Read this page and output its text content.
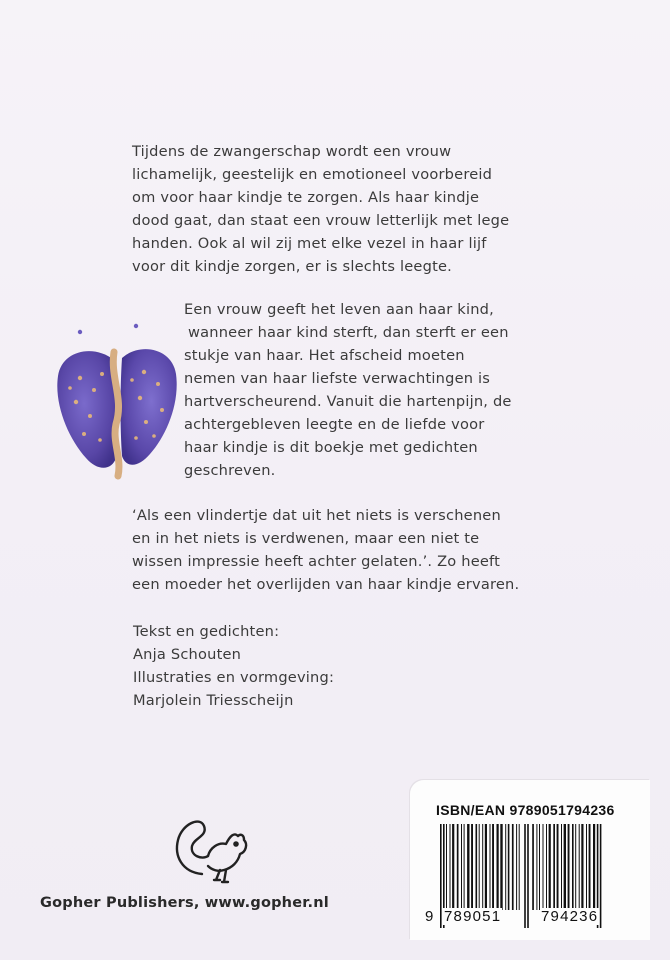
Tijdens de zwangerschap wordt een vrouw
lichamelijk, geestelijk en emotioneel voorbereid
om voor haar kindje te zorgen. Als haar kindje
dood gaat, dan staat een vrouw letterlijk met lege
handen. Ook al wil zij met elke vezel in haar lijf
voor dit kindje zorgen, er is slechts leegte.
Een vrouw geeft het leven aan haar kind,
wanneer haar kind sterft, dan sterft er een
stukje van haar. Het afscheid moeten
nemen van haar liefste verwachtingen is
hartverscheurend. Vanuit die hartenpijn, de
achtergebleven leegte en de liefde voor
haar kindje is dit boekje met gedichten
geschreven.
‘Als een vlindertje dat uit het niets is verschenen
en in het niets is verdwenen, maar een niet te
wissen impressie heeft achter gelaten.’. Zo heeft
een moeder het overlijden van haar kindje ervaren.
Tekst en gedichten:
Anja Schouten
Illustraties en vormgeving:
Marjolein Triesscheijn
Gopher Publishers, www.gopher.nl
ISBN/EAN 9789051794236
9 789051	794236
